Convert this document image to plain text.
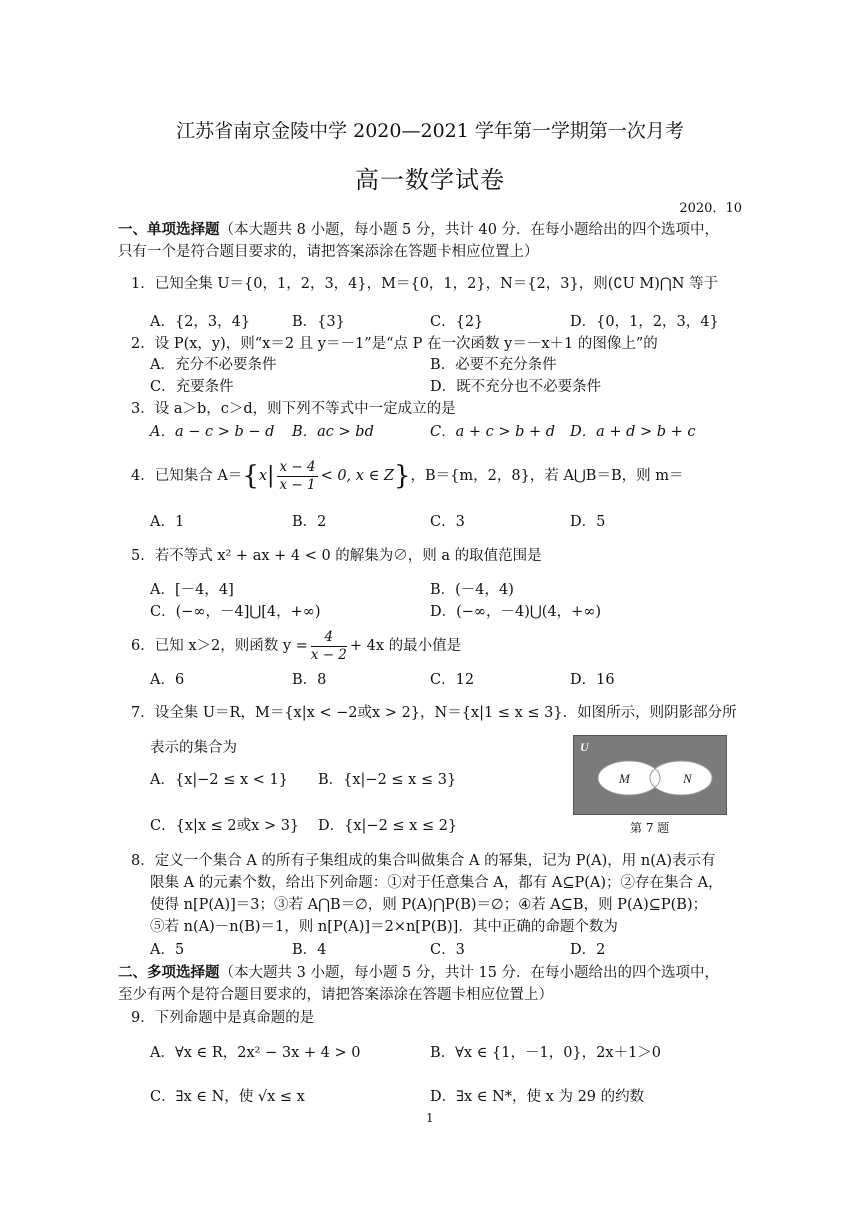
江苏省南京金陵中学 2020—2021 学年第一学期第一次月考
高一数学试卷
2020．10
一、单项选择题（本大题共 8 小题，每小题 5 分，共计 40 分．在每小题给出的四个选项中，
只有一个是符合题目要求的，请把答案添涂在答题卡相应位置上）
1．已知全集 U＝{0，1，2，3，4}，M＝{0，1，2}，N＝{2，3}，则(∁U M)⋂N 等于
A．{2，3，4}	B．{3}	C．{2}	D．{0，1，2，3，4}
2．设 P(x，y)，则“x＝2 且 y＝－1”是“点 P 在一次函数 y＝－x＋1 的图像上”的
A．充分不必要条件	B．必要不充分条件
C．充要条件	D．既不充分也不必要条件
3．设 a＞b，c＞d，则下列不等式中一定成立的是
A．a − c > b − d B．ac > bd	C．a + c > b + d D．a + d > b + c
4．已知集合 $A=\{x| \frac{x - 4}{x - 1} < 0$, x ∈ Z}，B＝{m，2，8}，若 A⋃B＝B，则 m＝
A．1	B．2	C．3	D．5
5．若不等式 x² + ax + 4 < 0 的解集为∅，则 a 的取值范围是
A．[－4，4]	B．(－4，4)
C．(−∞，－4]⋃[4，+∞)	D．(−∞，－4)⋃(4，+∞)
6．已知 x＞2，则函数 $y = \frac{4}{x - 2} + 4x$ 的最小值是
A．6	B．8	C．12	D．16
7．设全集 U＝R，M＝{x|x < −2或x > 2}，N＝{x|1 ≤ x ≤ 3}．如图所示，则阴影部分所
表示的集合为
A．{x|−2 ≤ x < 1} B．{x|−2 ≤ x ≤ 3}
C．{x|x ≤ 2或x > 3} D．{x|−2 ≤ x ≤ 2}
U
M	N
第 7 题
8．定义一个集合 A 的所有子集组成的集合叫做集合 A 的幂集，记为 P(A)，用 n(A)表示有
限集 A 的元素个数，给出下列命题：①对于任意集合 A，都有 A⊆P(A)；②存在集合 A，
使得 n[P(A)]＝3；③若 A⋂B＝∅，则 P(A)⋂P(B)＝∅；④若 A⊆B，则 P(A)⊆P(B)；
⑤若 n(A)－n(B)＝1，则 n[P(A)]＝2×n[P(B)]．其中正确的命题个数为
A．5	B．4	C．3	D．2
二、多项选择题（本大题共 3 小题，每小题 5 分，共计 15 分．在每小题给出的四个选项中，
至少有两个是符合题目要求的，请把答案添涂在答题卡相应位置上）
9．下列命题中是真命题的是
A．∀x ∈ R，2x² − 3x + 4 > 0	B．∀x ∈ {1，－1，0}，2x＋1＞0
C．∃x ∈ N，使 √x ≤ x	D．∃x ∈ N*，使 x 为 29 的约数
1
